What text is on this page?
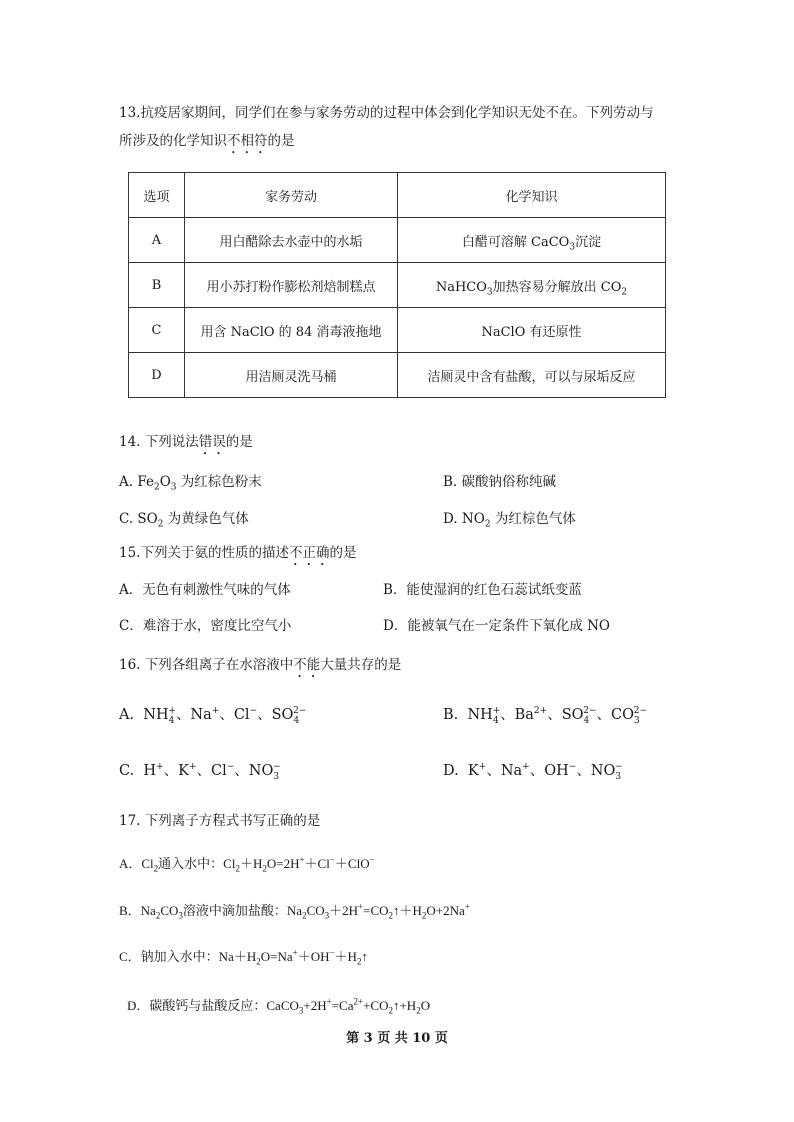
13.抗疫居家期间，同学们在参与家务劳动的过程中体会到化学知识无处不在。下列劳动与
所涉及的化学知识不相符的是
选项	家务劳动	化学知识
A	用白醋除去水壶中的水垢	白醋可溶解 CaCO$_3$沉淀
B	用小苏打粉作膨松剂焙制糕点	NaHCO$_3$加热容易分解放出 $CO_2$
C	用含 NaClO 的 84 消毒液拖地	NaClO 有还原性
D	用洁厕灵洗马桶	洁厕灵中含有盐酸，可以与尿垢反应
14. 下列说法错误的是
A. $Fe_2O_3$ 为红棕色粉末	B. 碳酸钠俗称纯碱
C. $SO_2$ 为黄绿色气体	D. $NO_2$ 为红棕色气体
15.下列关于氨的性质的描述不正确的是
A．无色有刺激性气味的气体	B．能使湿润的红色石蕊试纸变蓝
C．难溶于水，密度比空气小	D．能被氧气在一定条件下氧化成 NO
16. 下列各组离子在水溶液中不能大量共存的是
A.  $NH_4^+$、Na+、Cl−、$SO_4^{2-}$	B.  $NH_4^+$、$Ba^{2+}$、$SO_4^{2-}$、$CO_3^{2-}$
C.  H+、K+、Cl−、$NO_3^-$	D.  K+、Na+、OH−、$NO_3^-$
17. 下列离子方程式书写正确的是
A．$Cl_2$通入水中：$Cl_2+H_2O=2H^++Cl^-+ClO^-$
B．$Na_2CO_3$溶液中滴加盐酸：$Na_2CO_3+2H^+=CO_2↑+H_2O+2Na^+$
C．钠加入水中：$Na+H_2O=Na^++OH^-+H_2↑$
D．碳酸钙与盐酸反应：$CaCO_3+2H^+=Ca^{2+}+CO_2↑+H_2O$
第 3 页 共 10 页
